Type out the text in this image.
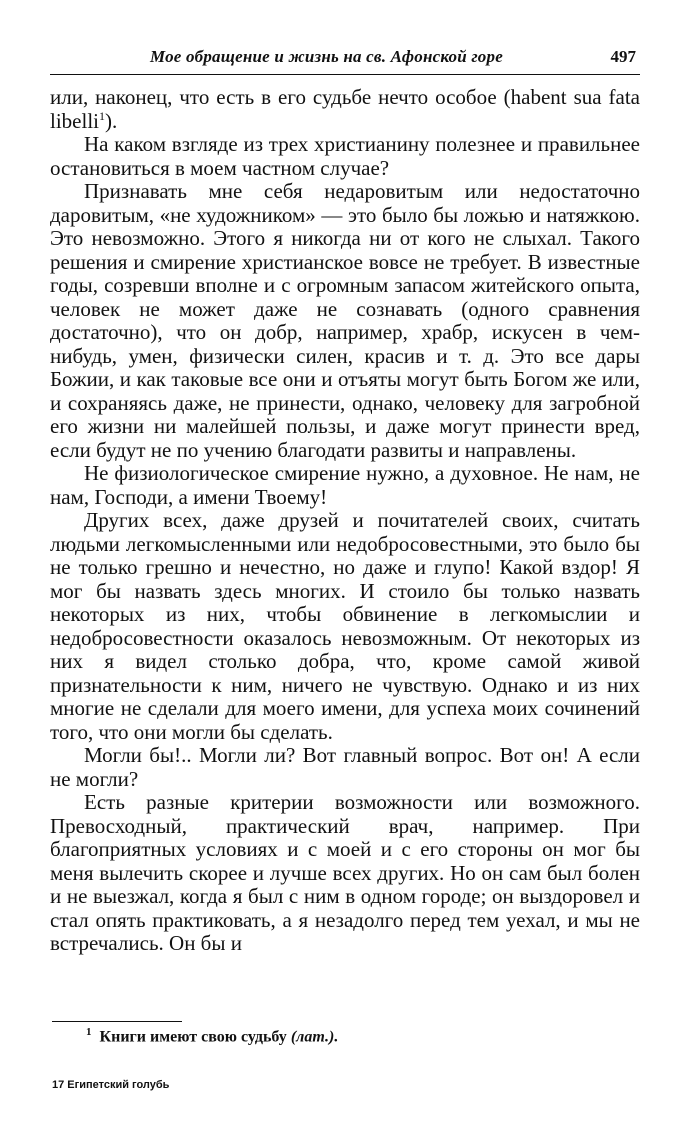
Мое обращение и жизнь на св. Афонской горе	497

или, наконец, что есть в его судьбе нечто особое (habent sua fata libelli$^1$).

На каком взгляде из трех христианину полезнее и правильнее остановиться в моем частном случае?

Признавать мне себя недаровитым или недостаточно даровитым, «не художником» — это было бы ложью и натяжкою. Это невозможно. Этого я никогда ни от кого не слыхал. Такого решения и смирение христианское вовсе не требует. В известные годы, созревши вполне и с огромным запасом житейского опыта, человек не может даже не сознавать (одного сравнения достаточно), что он добр, например, храбр, искусен в чем-нибудь, умен, физически силен, красив и т. д. Это все дары Божии, и как таковые все они и отъяты могут быть Богом же или, и сохраняясь даже, не принести, однако, человеку для загробной его жизни ни малейшей пользы, и даже могут принести вред, если будут не по учению благодати развиты и направлены.

Не физиологическое смирение нужно, а духовное. Не нам, не нам, Господи, а имени Твоему!

Других всех, даже друзей и почитателей своих, считать людьми легкомысленными или недобросовестными, это было бы не только грешно и нечестно, но даже и глупо! Какой вздор! Я мог бы назвать здесь многих. И стоило бы только назвать некоторых из них, чтобы обвинение в легкомыслии и недобросовестности оказалось невозможным. От некоторых из них я видел столько добра, что, кроме самой живой признательности к ним, ничего не чувствую. Однако и из них многие не сделали для моего имени, для успеха моих сочинений того, что они могли бы сделать.

Могли бы!.. Могли ли? Вот главный вопрос. Вот он! А если не могли?

Есть разные критерии возможности или возможного. Превосходный, практический врач, например. При благоприятных условиях и с моей и с его стороны он мог бы меня вылечить скорее и лучше всех других. Но он сам был болен и не выезжал, когда я был с ним в одном городе; он выздоровел и стал опять практиковать, а я незадолго перед тем уехал, и мы не встречались. Он бы и

$^1$ Книги имеют свою судьбу (лат.).
17 Египетский голубь
